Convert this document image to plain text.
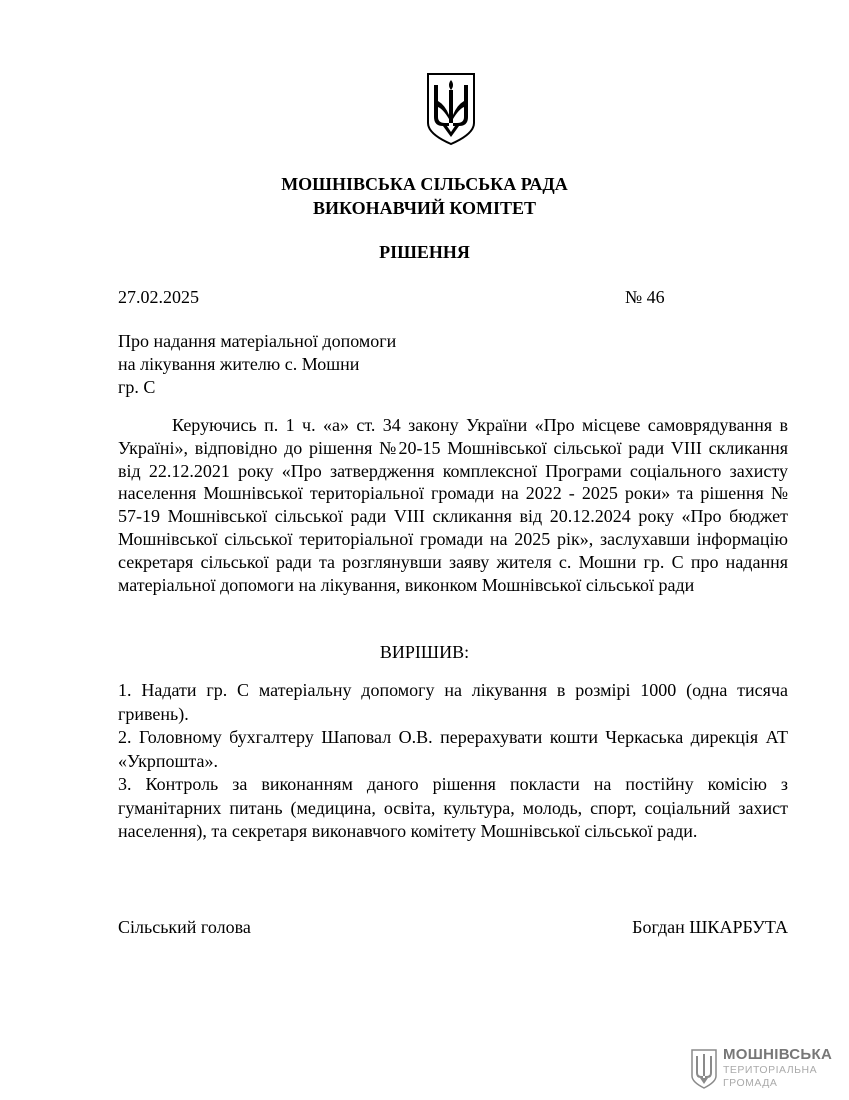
МОШНІВСЬКА СІЛЬСЬКА РАДА
ВИКОНАВЧИЙ КОМІТЕТ
РІШЕННЯ
27.02.2025	№ 46
Про надання матеріальної допомоги
на лікування жителю с. Мошни
гр. С

Керуючись п. 1 ч. «а» ст. 34 закону України «Про місцеве самоврядування в Україні», відповідно до рішення №20-15 Мошнівської сільської ради VIII скликання від 22.12.2021 року «Про затвердження комплексної Програми соціального захисту населення Мошнівської територіальної громади на 2022 - 2025 роки» та рішення № 57-19 Мошнівської сільської ради VIII скликання від 20.12.2024 року «Про бюджет Мошнівської сільської територіальної громади на 2025 рік», заслухавши інформацію секретаря сільської ради та розглянувши заяву жителя с. Мошни гр. С про надання матеріальної допомоги на лікування, виконком Мошнівської сільської ради

ВИРІШИВ:

1. Надати гр. С матеріальну допомогу на лікування в розмірі 1000 (одна тисяча гривень).

2. Головному бухгалтеру Шаповал О.В. перерахувати кошти Черкаська дирекція АТ «Укрпошта».

3. Контроль за виконанням даного рішення покласти на постійну комісію з гуманітарних питань (медицина, освіта, культура, молодь, спорт, соціальний захист населення), та секретаря виконавчого комітету Мошнівської сільської ради.

Сільський голова	Богдан ШКАРБУТА
МОШНІВСЬКА
ТЕРИТОРІАЛЬНА
ГРОМАДА
